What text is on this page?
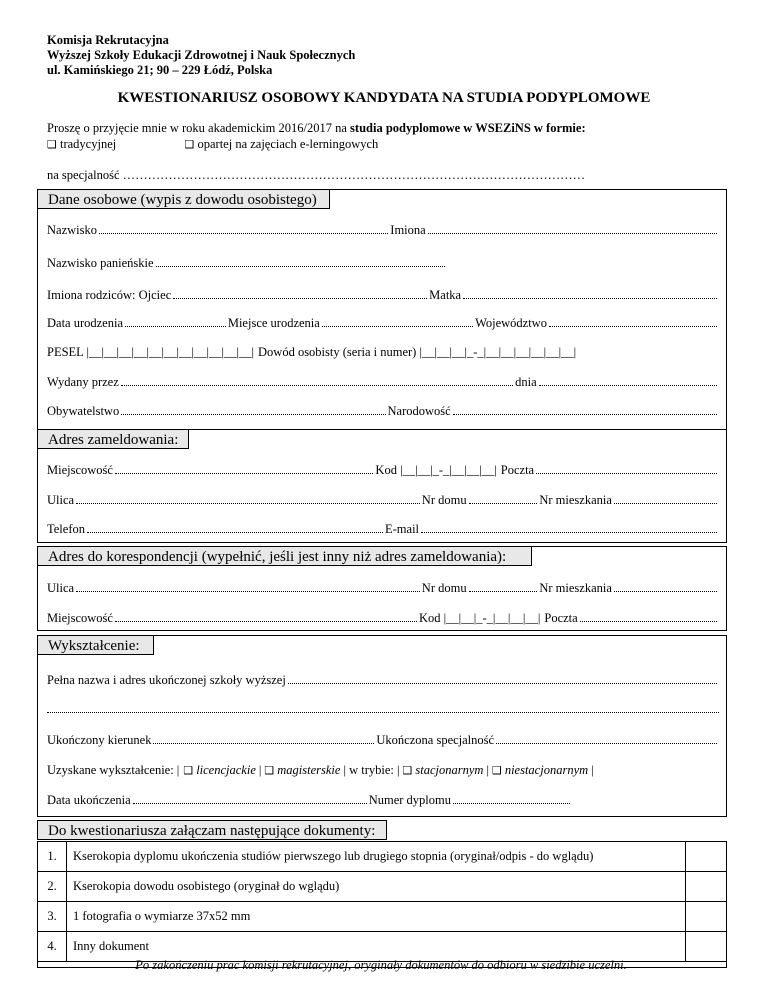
Komisja Rekrutacyjna
Wyższej Szkoły Edukacji Zdrowotnej i Nauk Społecznych
ul. Kamińskiego 21; 90 – 229 Łódź, Polska
KWESTIONARIUSZ OSOBOWY KANDYDATA NA STUDIA PODYPLOMOWE
Proszę o przyjęcie mnie w roku akademickim 2016/2017 na studia podyplomowe w WSEZiNS w formie:
❑ tradycyjnej	❑ opartej na zajęciach e-lerningowych
na specjalność …………………………………………………………………………………………………
Dane osobowe (wypis z dowodu osobistego)
Nazwisko	Imiona
Nazwisko panieńskie
Imiona rodziców: Ojciec	Matka
Data urodzenia	Miejsce urodzenia	Województwo
PESEL |__|__|__|__|__|__|__|__|__|__|__| Dowód osobisty (seria i numer) |__|__|__|_-_|__|__|__|__|__|__|
Wydany przez	dnia
Obywatelstwo	Narodowość
Adres zameldowania:
Miejscowość	Kod |__|__|_-_|__|__|__| Poczta
Ulica	Nr domu	Nr mieszkania
Telefon	E-mail
Adres do korespondencji (wypełnić, jeśli jest inny niż adres zameldowania):
Ulica	Nr domu	Nr mieszkania
Miejscowość	Kod |__|__|_-_|__|__|__| Poczta
Wykształcenie:
Pełna nazwa i adres ukończonej szkoły wyższej
Ukończony kierunek	Ukończona specjalność
Uzyskane wykształcenie: | ❑ licencjackie | ❑ magisterskie | w trybie: | ❑ stacjonarnym | ❑ niestacjonarnym |
Data ukończenia	Numer dyplomu
Do kwestionariusza załączam następujące dokumenty:
1.	Kserokopia dyplomu ukończenia studiów pierwszego lub drugiego stopnia (oryginał/odpis - do wglądu)	
2.	Kserokopia dowodu osobistego (oryginał do wglądu)	
3.	1 fotografia o wymiarze 37x52 mm	
4.	Inny dokument	
Po zakończeniu prac komisji rekrutacyjnej, oryginały dokumentów do odbioru w siedzibie uczelni.
